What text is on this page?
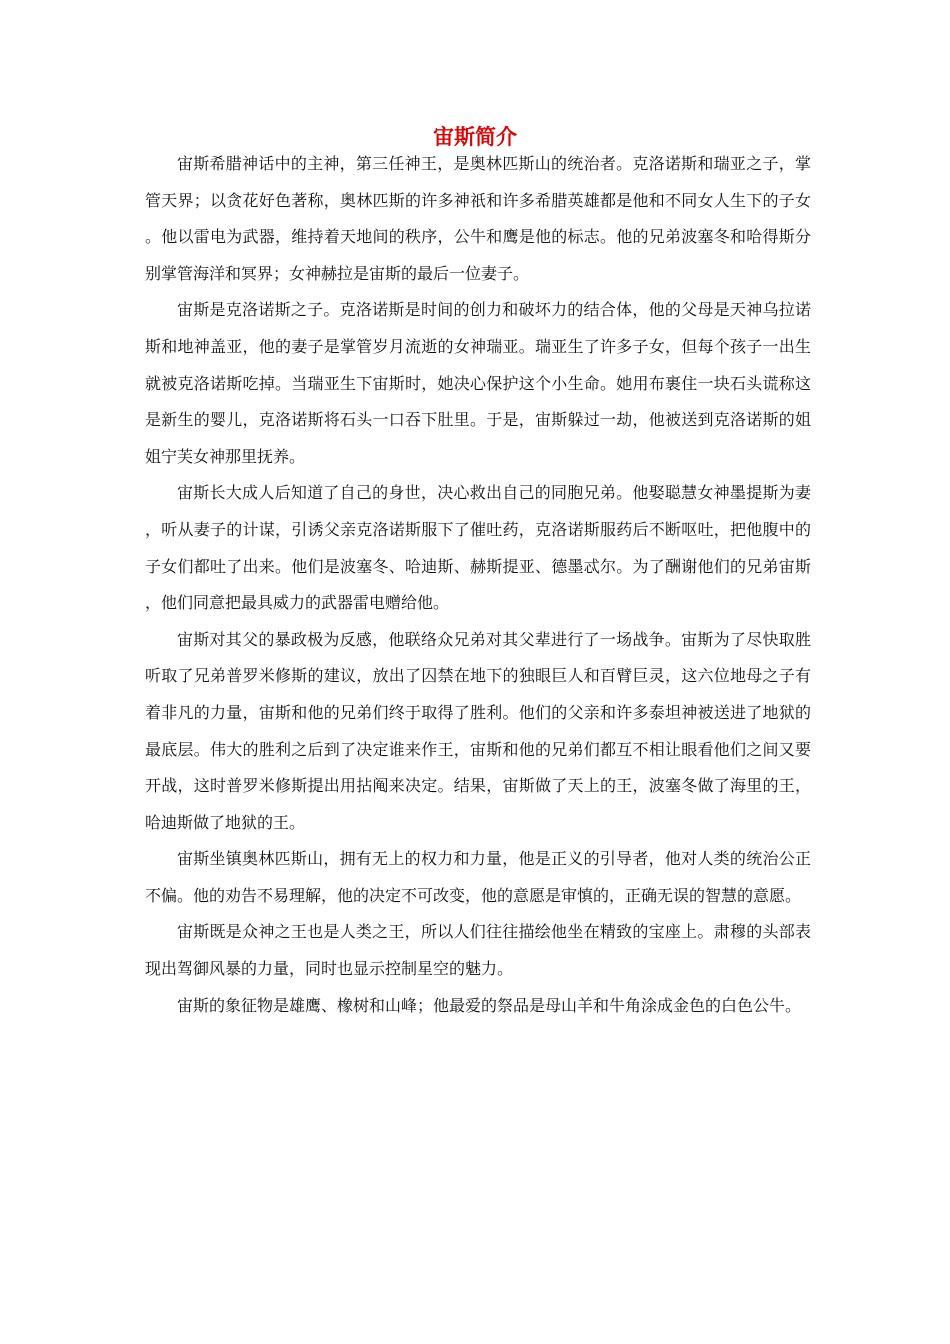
宙斯简介

宙斯希腊神话中的主神，第三任神王，是奥林匹斯山的统治者。克洛诺斯和瑞亚之子，掌管天界；以贪花好色著称，奥林匹斯的许多神祇和许多希腊英雄都是他和不同女人生下的子女。他以雷电为武器，维持着天地间的秩序，公牛和鹰是他的标志。他的兄弟波塞冬和哈得斯分别掌管海洋和冥界；女神赫拉是宙斯的最后一位妻子。

宙斯是克洛诺斯之子。克洛诺斯是时间的创力和破坏力的结合体，他的父母是天神乌拉诺斯和地神盖亚，他的妻子是掌管岁月流逝的女神瑞亚。瑞亚生了许多子女，但每个孩子一出生就被克洛诺斯吃掉。当瑞亚生下宙斯时，她决心保护这个小生命。她用布裹住一块石头谎称这是新生的婴儿，克洛诺斯将石头一口吞下肚里。于是，宙斯躲过一劫，他被送到克洛诺斯的姐姐宁芙女神那里抚养。

宙斯长大成人后知道了自己的身世，决心救出自己的同胞兄弟。他娶聪慧女神墨提斯为妻，听从妻子的计谋，引诱父亲克洛诺斯服下了催吐药，克洛诺斯服药后不断呕吐，把他腹中的子女们都吐了出来。他们是波塞冬、哈迪斯、赫斯提亚、德墨忒尔。为了酬谢他们的兄弟宙斯，他们同意把最具威力的武器雷电赠给他。

宙斯对其父的暴政极为反感，他联络众兄弟对其父辈进行了一场战争。宙斯为了尽快取胜听取了兄弟普罗米修斯的建议，放出了囚禁在地下的独眼巨人和百臂巨灵，这六位地母之子有着非凡的力量，宙斯和他的兄弟们终于取得了胜利。他们的父亲和许多泰坦神被送进了地狱的最底层。伟大的胜利之后到了决定谁来作王，宙斯和他的兄弟们都互不相让眼看他们之间又要开战，这时普罗米修斯提出用拈阄来决定。结果，宙斯做了天上的王，波塞冬做了海里的王，哈迪斯做了地狱的王。

宙斯坐镇奥林匹斯山，拥有无上的权力和力量，他是正义的引导者，他对人类的统治公正不偏。他的劝告不易理解，他的决定不可改变，他的意愿是审慎的，正确无误的智慧的意愿。

宙斯既是众神之王也是人类之王，所以人们往往描绘他坐在精致的宝座上。肃穆的头部表现出驾御风暴的力量，同时也显示控制星空的魅力。

宙斯的象征物是雄鹰、橡树和山峰；他最爱的祭品是母山羊和牛角涂成金色的白色公牛。
